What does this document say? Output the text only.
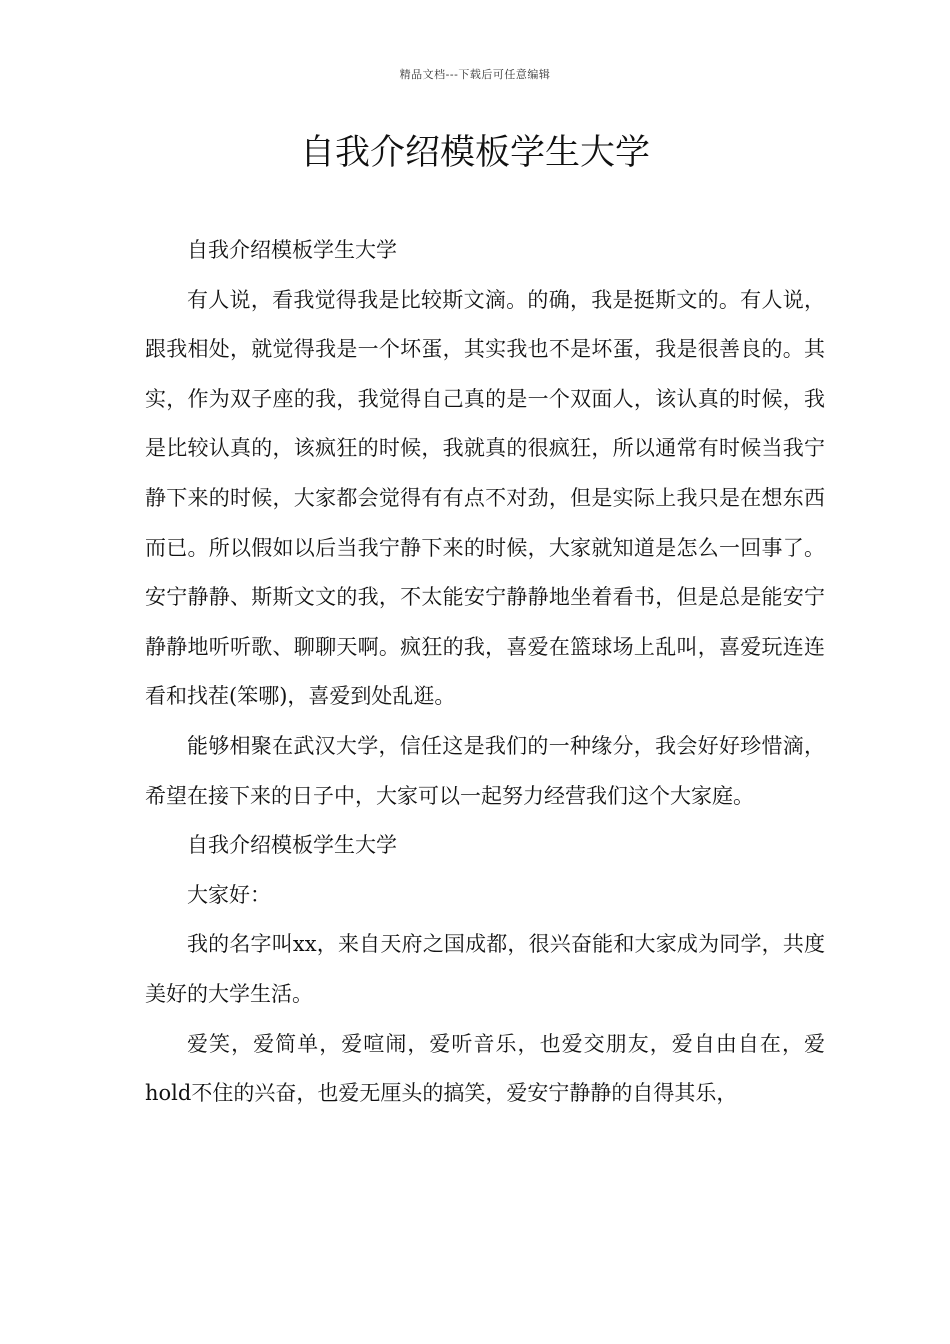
精品文档---下载后可任意编辑
自我介绍模板学生大学

自我介绍模板学生大学

有人说，看我觉得我是比较斯文滴。的确，我是挺斯文的。有人说，跟我相处，就觉得我是一个坏蛋，其实我也不是坏蛋，我是很善良的。其实，作为双子座的我，我觉得自己真的是一个双面人，该认真的时候，我是比较认真的，该疯狂的时候，我就真的很疯狂，所以通常有时候当我宁静下来的时候，大家都会觉得有有点不对劲，但是实际上我只是在想东西而已。所以假如以后当我宁静下来的时候，大家就知道是怎么一回事了。安宁静静、斯斯文文的我，不太能安宁静静地坐着看书，但是总是能安宁静静地听听歌、聊聊天啊。疯狂的我，喜爱在篮球场上乱叫，喜爱玩连连看和找茬(笨哪)，喜爱到处乱逛。

能够相聚在武汉大学，信任这是我们的一种缘分，我会好好珍惜滴，希望在接下来的日子中，大家可以一起努力经营我们这个大家庭。

自我介绍模板学生大学

大家好：

我的名字叫xx，来自天府之国成都，很兴奋能和大家成为同学，共度美好的大学生活。

爱笑，爱简单，爱喧闹，爱听音乐，也爱交朋友，爱自由自在，爱hold不住的兴奋，也爱无厘头的搞笑，爱安宁静静的自得其乐，
